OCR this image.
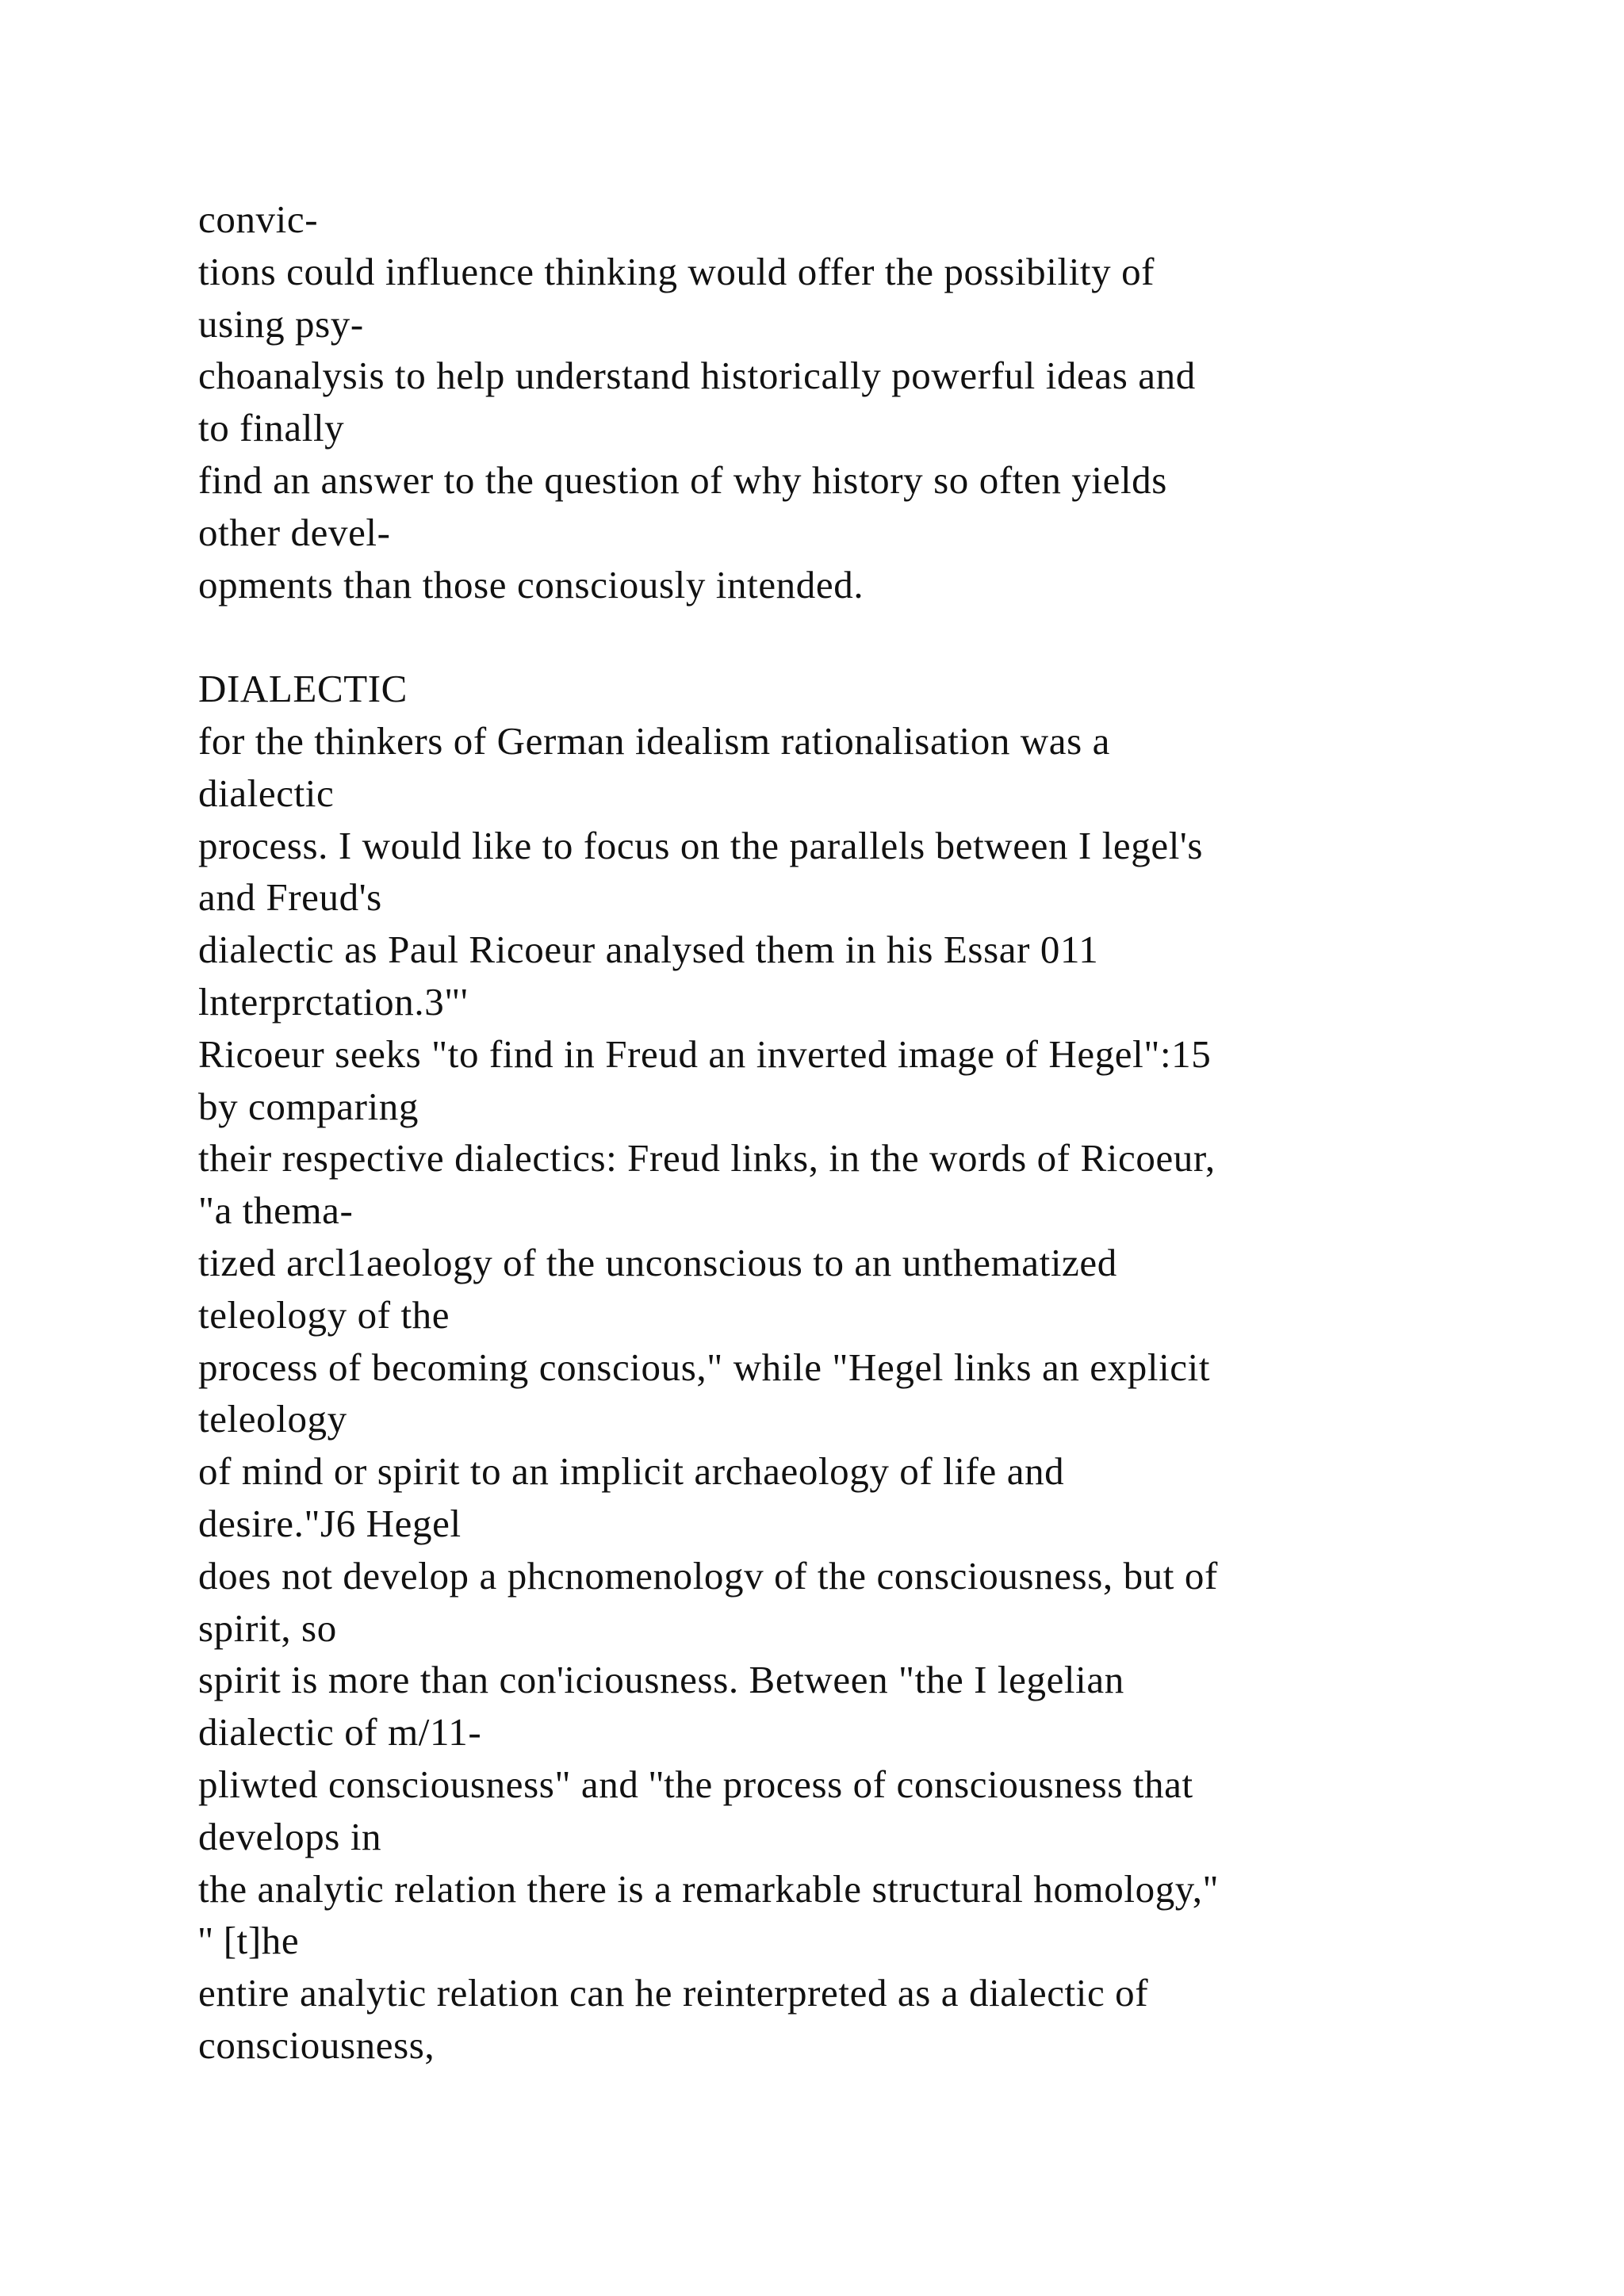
convic-
tions could influence thinking would offer the possibility of
using psy-
choanalysis to help understand historically powerful ideas and
to finally
find an answer to the question of why history so often yields
other devel-
opments than those consciously intended.
DIALECTIC
for the thinkers of German idealism rationalisation was a
dialectic
process. I would like to focus on the parallels between I legel's
and Freud's
dialectic as Paul Ricoeur analysed them in his Essar 011
lnterprctation.3"'
Ricoeur seeks "to find in Freud an inverted image of Hegel":15
by comparing
their respective dialectics: Freud links, in the words of Ricoeur,
"a thema-
tized arcl1aeology of the unconscious to an unthematized
teleology of the
process of becoming conscious," while "Hegel links an explicit
teleology
of mind or spirit to an implicit archaeology of life and
desire."J6 Hegel
does not develop a phcnomenologv of the consciousness, but of
spirit, so
spirit is more than con'iciousness. Between "the I legelian
dialectic of m/11-
pliwted consciousness" and ''the process of consciousness that
develops in
the analytic relation there is a remarkable structural homology,"
'' [t]he
entire analytic relation can he reinterpreted as a dialectic of
consciousness,
